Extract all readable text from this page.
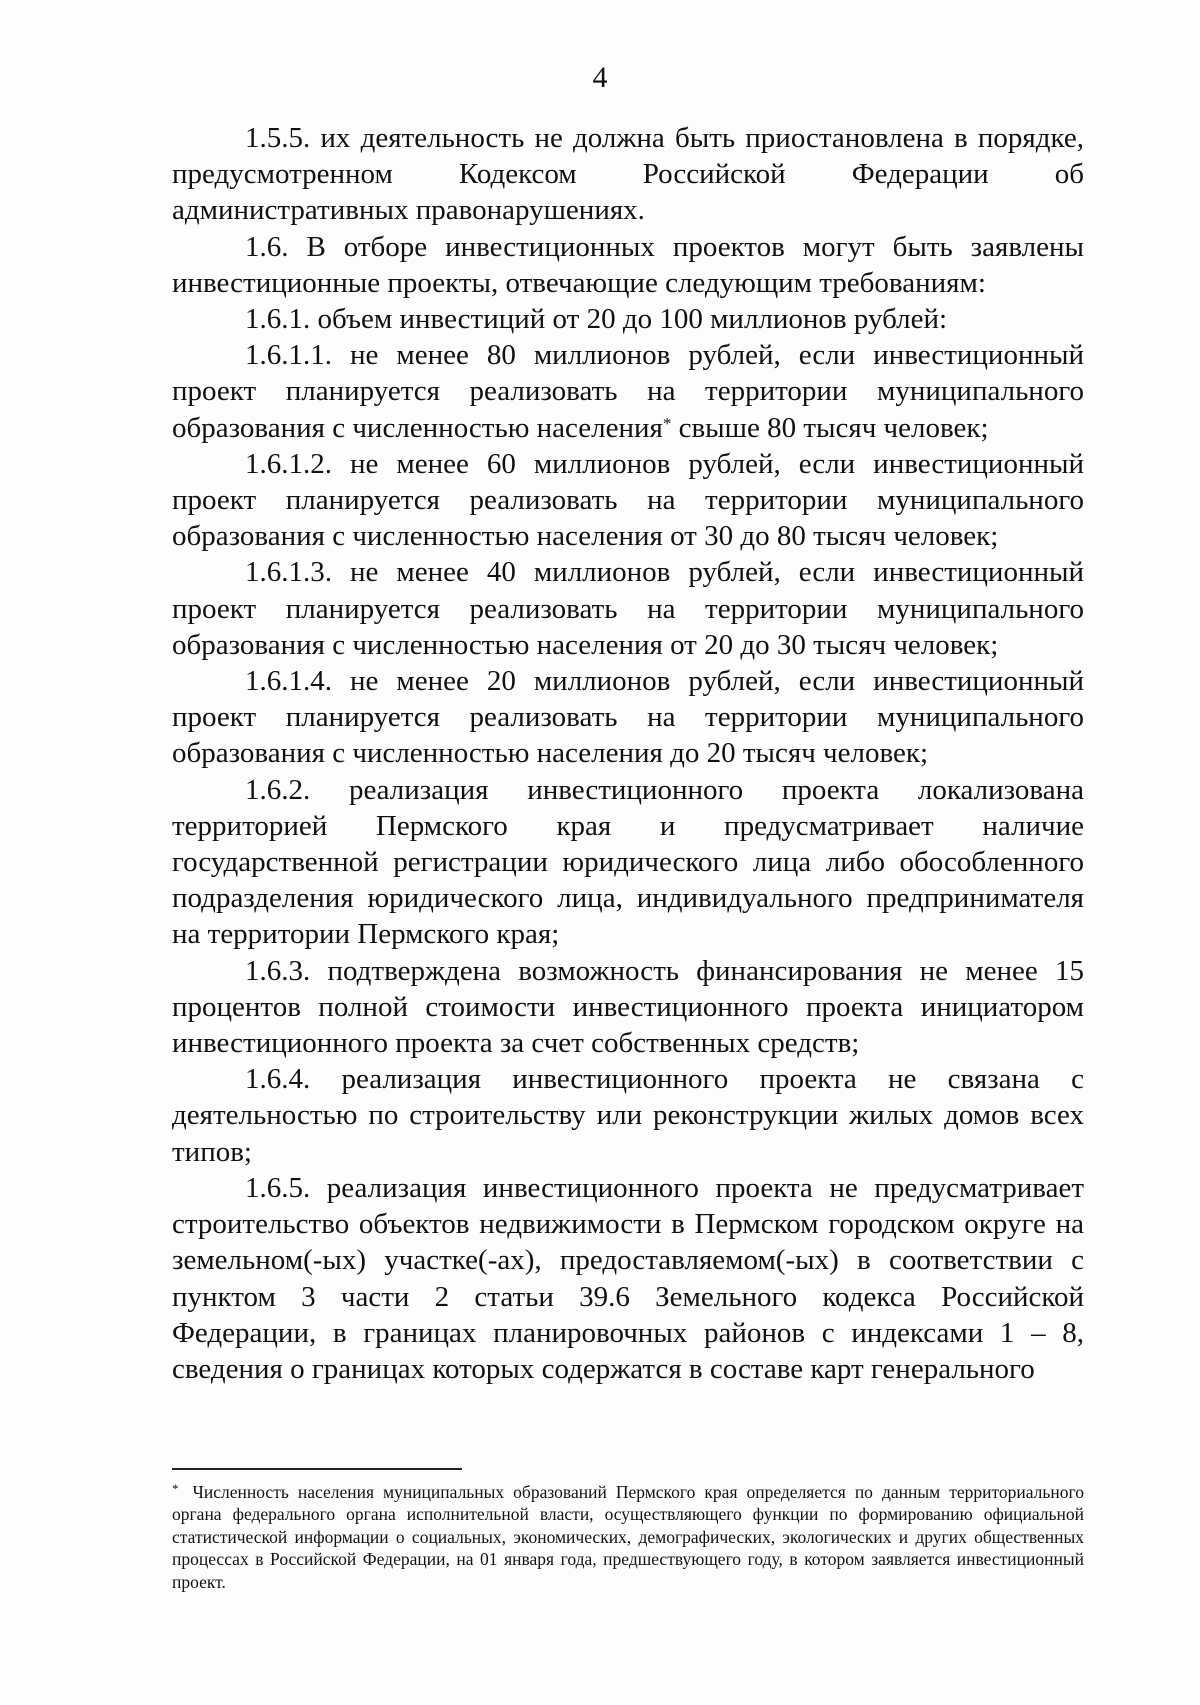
4

1.5.5. их деятельность не должна быть приостановлена в порядке, предусмотренном Кодексом Российской Федерации об административных правонарушениях.

1.6. В отборе инвестиционных проектов могут быть заявлены инвестиционные проекты, отвечающие следующим требованиям:

1.6.1. объем инвестиций от 20 до 100 миллионов рублей:

1.6.1.1. не менее 80 миллионов рублей, если инвестиционный проект планируется реализовать на территории муниципального образования с численностью населения* свыше 80 тысяч человек;

1.6.1.2. не менее 60 миллионов рублей, если инвестиционный проект планируется реализовать на территории муниципального образования с численностью населения от 30 до 80 тысяч человек;

1.6.1.3. не менее 40 миллионов рублей, если инвестиционный проект планируется реализовать на территории муниципального образования с численностью населения от 20 до 30 тысяч человек;

1.6.1.4. не менее 20 миллионов рублей, если инвестиционный проект планируется реализовать на территории муниципального образования с численностью населения до 20 тысяч человек;

1.6.2. реализация инвестиционного проекта локализована территорией Пермского края и предусматривает наличие государственной регистрации юридического лица либо обособленного подразделения юридического лица, индивидуального предпринимателя на территории Пермского края;

1.6.3. подтверждена возможность финансирования не менее 15 процентов полной стоимости инвестиционного проекта инициатором инвестиционного проекта за счет собственных средств;

1.6.4. реализация инвестиционного проекта не связана с деятельностью по строительству или реконструкции жилых домов всех типов;

1.6.5. реализация инвестиционного проекта не предусматривает строительство объектов недвижимости в Пермском городском округе на земельном(-ых) участке(-ах), предоставляемом(-ых) в соответствии с пунктом 3 части 2 статьи 39.6 Земельного кодекса Российской Федерации, в границах планировочных районов с индексами 1 – 8, сведения о границах которых содержатся в составе карт генерального

* Численность населения муниципальных образований Пермского края определяется по данным территориального органа федерального органа исполнительной власти, осуществляющего функции по формированию официальной статистической информации о социальных, экономических, демографических, экологических и других общественных процессах в Российской Федерации, на 01 января года, предшествующего году, в котором заявляется инвестиционный проект.
